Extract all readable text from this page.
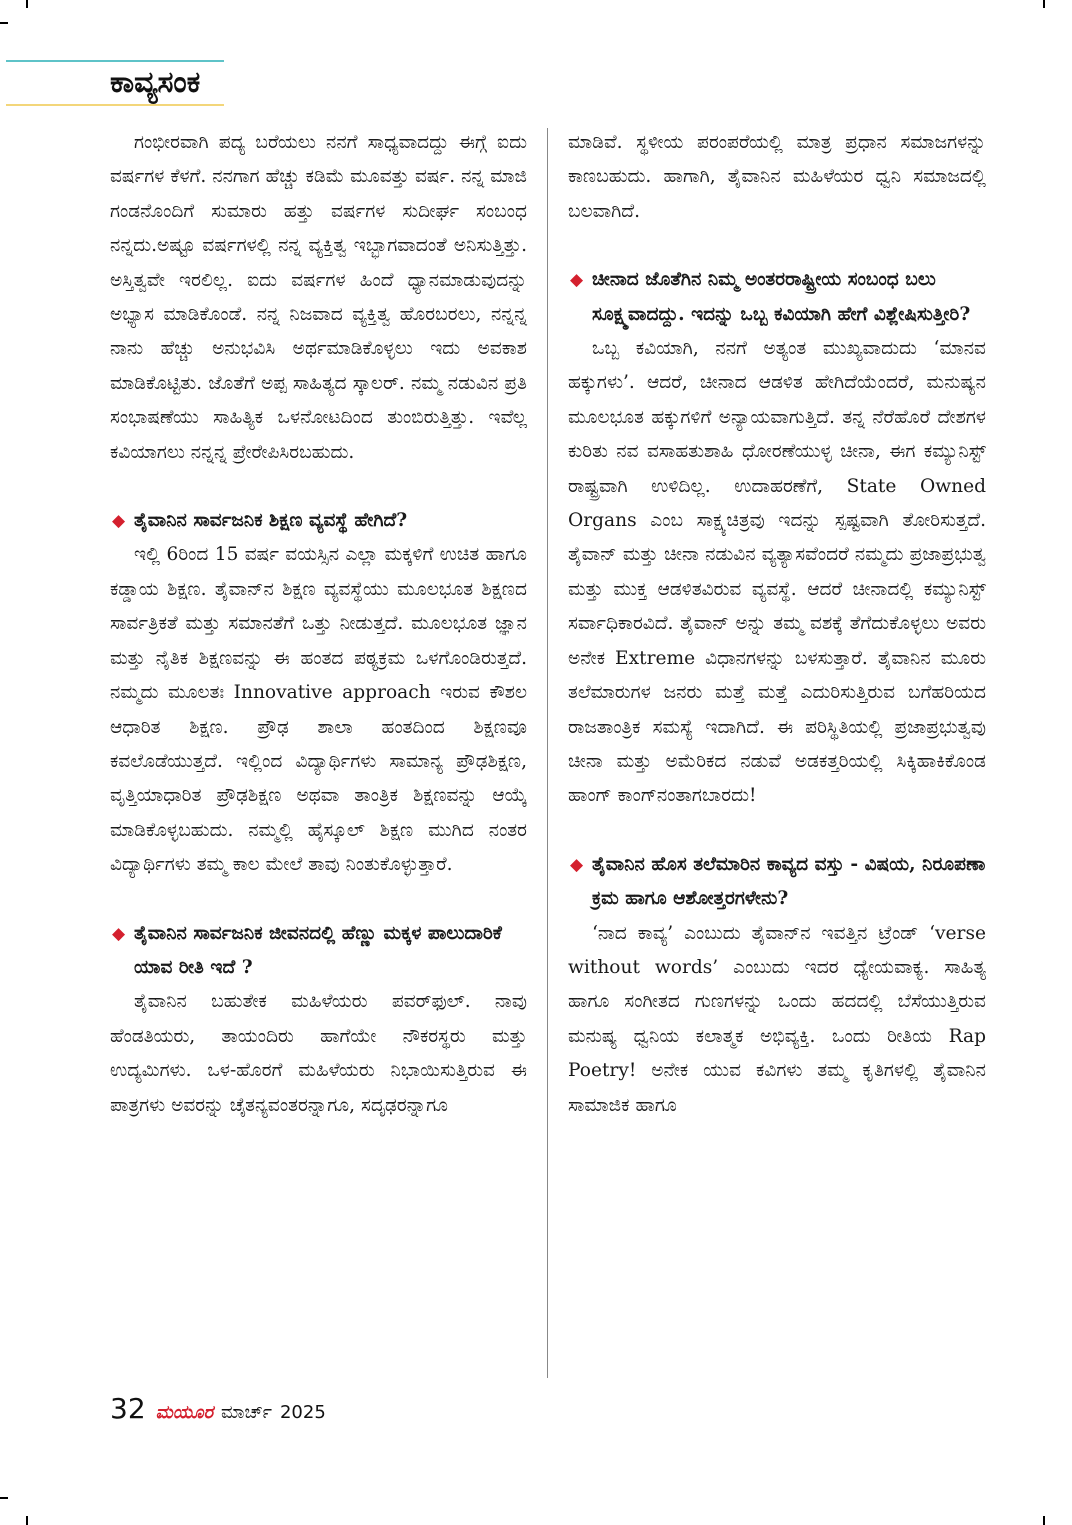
ಕಾವ್ಯಸಂಕ

ಗಂಭೀರವಾಗಿ ಪದ್ಯ ಬರೆಯಲು ನನಗೆ ಸಾಧ್ಯವಾದದ್ದು ಈಗ್ಗೆ ಐದು ವರ್ಷಗಳ ಕೆಳಗೆ. ನನಗಾಗ ಹೆಚ್ಚು ಕಡಿಮೆ ಮೂವತ್ತು ವರ್ಷ. ನನ್ನ ಮಾಜಿ ಗಂಡನೊಂದಿಗೆ ಸುಮಾರು ಹತ್ತು ವರ್ಷಗಳ ಸುದೀರ್ಘ ಸಂಬಂಧ ನನ್ನದು.ಅಷ್ಟೂ ವರ್ಷಗಳಲ್ಲಿ ನನ್ನ ವ್ಯಕ್ತಿತ್ವ ಇಬ್ಭಾಗವಾದಂತೆ ಅನಿಸುತ್ತಿತ್ತು. ಅಸ್ತಿತ್ವವೇ ಇರಲಿಲ್ಲ. ಐದು ವರ್ಷಗಳ ಹಿಂದೆ ಧ್ಯಾನಮಾಡುವುದನ್ನು ಅಭ್ಯಾಸ ಮಾಡಿಕೊಂಡೆ. ನನ್ನ ನಿಜವಾದ ವ್ಯಕ್ತಿತ್ವ ಹೊರಬರಲು, ನನ್ನನ್ನ ನಾನು ಹೆಚ್ಚು ಅನುಭವಿಸಿ ಅರ್ಥಮಾಡಿಕೊಳ್ಳಲು ಇದು ಅವಕಾಶ ಮಾಡಿಕೊಟ್ಟಿತು. ಜೊತೆಗೆ ಅಪ್ಪ ಸಾಹಿತ್ಯದ ಸ್ಕಾಲರ್. ನಮ್ಮ ನಡುವಿನ ಪ್ರತಿ ಸಂಭಾಷಣೆಯು ಸಾಹಿತ್ಯಿಕ ಒಳನೋಟದಿಂದ ತುಂಬಿರುತ್ತಿತ್ತು. ಇವೆಲ್ಲ ಕವಿಯಾಗಲು ನನ್ನನ್ನ ಪ್ರೇರೇಪಿಸಿರಬಹುದು.

◆ ತೈವಾನಿನ ಸಾರ್ವಜನಿಕ ಶಿಕ್ಷಣ ವ್ಯವಸ್ಥೆ ಹೇಗಿದೆ?

ಇಲ್ಲಿ 6ರಿಂದ 15 ವರ್ಷ ವಯಸ್ಸಿನ ಎಲ್ಲಾ ಮಕ್ಕಳಿಗೆ ಉಚಿತ ಹಾಗೂ ಕಡ್ಡಾಯ ಶಿಕ್ಷಣ. ತೈವಾನ್‌ನ ಶಿಕ್ಷಣ ವ್ಯವಸ್ಥೆಯು ಮೂಲಭೂತ ಶಿಕ್ಷಣದ ಸಾರ್ವತ್ರಿಕತೆ ಮತ್ತು ಸಮಾನತೆಗೆ ಒತ್ತು ನೀಡುತ್ತದೆ. ಮೂಲಭೂತ ಜ್ಞಾನ ಮತ್ತು ನೈತಿಕ ಶಿಕ್ಷಣವನ್ನು ಈ ಹಂತದ ಪಠ್ಯಕ್ರಮ ಒಳಗೊಂಡಿರುತ್ತದೆ. ನಮ್ಮದು ಮೂಲತಃ Innovative approach ಇರುವ ಕೌಶಲ ಆಧಾರಿತ ಶಿಕ್ಷಣ. ಪ್ರೌಢ ಶಾಲಾ ಹಂತದಿಂದ ಶಿಕ್ಷಣವೂ ಕವಲೊಡೆಯುತ್ತದೆ. ಇಲ್ಲಿಂದ ವಿದ್ಯಾರ್ಥಿಗಳು ಸಾಮಾನ್ಯ ಪ್ರೌಢಶಿಕ್ಷಣ, ವೃತ್ತಿಯಾಧಾರಿತ ಪ್ರೌಢಶಿಕ್ಷಣ ಅಥವಾ ತಾಂತ್ರಿಕ ಶಿಕ್ಷಣವನ್ನು ಆಯ್ಕೆ ಮಾಡಿಕೊಳ್ಳಬಹುದು. ನಮ್ಮಲ್ಲಿ ಹೈಸ್ಕೂಲ್ ಶಿಕ್ಷಣ ಮುಗಿದ ನಂತರ ವಿದ್ಯಾರ್ಥಿಗಳು ತಮ್ಮ ಕಾಲ ಮೇಲೆ ತಾವು ನಿಂತುಕೊಳ್ಳುತ್ತಾರೆ.

◆ ತೈವಾನಿನ ಸಾರ್ವಜನಿಕ ಜೀವನದಲ್ಲಿ ಹೆಣ್ಣು ಮಕ್ಕಳ ಪಾಲುದಾರಿಕೆ ಯಾವ ರೀತಿ ಇದೆ ?

ತೈವಾನಿನ ಬಹುತೇಕ ಮಹಿಳೆಯರು ಪವರ್‌ಫುಲ್. ನಾವು ಹೆಂಡತಿಯರು, ತಾಯಂದಿರು ಹಾಗೆಯೇ ನೌಕರಸ್ಥರು ಮತ್ತು ಉದ್ಯಮಿಗಳು. ಒಳ-ಹೊರಗೆ ಮಹಿಳೆಯರು ನಿಭಾಯಿಸುತ್ತಿರುವ ಈ ಪಾತ್ರಗಳು ಅವರನ್ನು ಚೈತನ್ಯವಂತರನ್ನಾಗೂ, ಸದೃಢರನ್ನಾಗೂ

ಮಾಡಿವೆ. ಸ್ಥಳೀಯ ಪರಂಪರೆಯಲ್ಲಿ ಮಾತ್ರ ಪ್ರಧಾನ ಸಮಾಜಗಳನ್ನು ಕಾಣಬಹುದು. ಹಾಗಾಗಿ, ತೈವಾನಿನ ಮಹಿಳೆಯರ ಧ್ವನಿ ಸಮಾಜದಲ್ಲಿ ಬಲವಾಗಿದೆ.

◆ ಚೀನಾದ ಜೊತೆಗಿನ ನಿಮ್ಮ ಅಂತರರಾಷ್ಟ್ರೀಯ ಸಂಬಂಧ ಬಲು ಸೂಕ್ಷ್ಮವಾದದ್ದು. ಇದನ್ನು ಒಬ್ಬ ಕವಿಯಾಗಿ ಹೇಗೆ ವಿಶ್ಲೇಷಿಸುತ್ತೀರಿ?

ಒಬ್ಬ ಕವಿಯಾಗಿ, ನನಗೆ ಅತ್ಯಂತ ಮುಖ್ಯವಾದುದು ‘ಮಾನವ ಹಕ್ಕುಗಳು’. ಆದರೆ, ಚೀನಾದ ಆಡಳಿತ ಹೇಗಿದೆಯೆಂದರೆ, ಮನುಷ್ಯನ ಮೂಲಭೂತ ಹಕ್ಕುಗಳಿಗೆ ಅನ್ಯಾಯವಾಗುತ್ತಿದೆ. ತನ್ನ ನೆರೆಹೊರೆ ದೇಶಗಳ ಕುರಿತು ನವ ವಸಾಹತುಶಾಹಿ ಧೋರಣೆಯುಳ್ಳ ಚೀನಾ, ಈಗ ಕಮ್ಯುನಿಸ್ಟ್ ರಾಷ್ಟ್ರವಾಗಿ ಉಳಿದಿಲ್ಲ. ಉದಾಹರಣೆಗೆ, State Owned Organs ಎಂಬ ಸಾಕ್ಷ್ಯಚಿತ್ರವು ಇದನ್ನು ಸ್ಪಷ್ಟವಾಗಿ ತೋರಿಸುತ್ತದೆ. ತೈವಾನ್ ಮತ್ತು ಚೀನಾ ನಡುವಿನ ವ್ಯತ್ಯಾಸವೆಂದರೆ ನಮ್ಮದು ಪ್ರಜಾಪ್ರಭುತ್ವ ಮತ್ತು ಮುಕ್ತ ಆಡಳಿತವಿರುವ ವ್ಯವಸ್ಥೆ. ಆದರೆ ಚೀನಾದಲ್ಲಿ ಕಮ್ಯುನಿಸ್ಟ್ ಸರ್ವಾಧಿಕಾರವಿದೆ. ತೈವಾನ್ ಅನ್ನು ತಮ್ಮ ವಶಕ್ಕೆ ತೆಗೆದುಕೊಳ್ಳಲು ಅವರು ಅನೇಕ Extreme ವಿಧಾನಗಳನ್ನು ಬಳಸುತ್ತಾರೆ. ತೈವಾನಿನ ಮೂರು ತಲೆಮಾರುಗಳ ಜನರು ಮತ್ತೆ ಮತ್ತೆ ಎದುರಿಸುತ್ತಿರುವ ಬಗೆಹರಿಯದ ರಾಜತಾಂತ್ರಿಕ ಸಮಸ್ಯೆ ಇದಾಗಿದೆ. ಈ ಪರಿಸ್ಥಿತಿಯಲ್ಲಿ ಪ್ರಜಾಪ್ರಭುತ್ವವು ಚೀನಾ ಮತ್ತು ಅಮೆರಿಕದ ನಡುವೆ ಅಡಕತ್ತರಿಯಲ್ಲಿ ಸಿಕ್ಕಿಹಾಕಿಕೊಂಡ ಹಾಂಗ್ ಕಾಂಗ್‌ನಂತಾಗಬಾರದು!

◆ ತೈವಾನಿನ ಹೊಸ ತಲೆಮಾರಿನ ಕಾವ್ಯದ ವಸ್ತು - ವಿಷಯ, ನಿರೂಪಣಾ ಕ್ರಮ ಹಾಗೂ ಆಶೋತ್ತರಗಳೇನು?

‘ನಾದ ಕಾವ್ಯ’ ಎಂಬುದು ತೈವಾನ್‌ನ ಇವತ್ತಿನ ಟ್ರೆಂಡ್ ‘verse without words’ ಎಂಬುದು ಇದರ ಧ್ಯೇಯವಾಕ್ಯ. ಸಾಹಿತ್ಯ ಹಾಗೂ ಸಂಗೀತದ ಗುಣಗಳನ್ನು ಒಂದು ಹದದಲ್ಲಿ ಬೆಸೆಯುತ್ತಿರುವ ಮನುಷ್ಯ ಧ್ವನಿಯ ಕಲಾತ್ಮಕ ಅಭಿವ್ಯಕ್ತಿ. ಒಂದು ರೀತಿಯ Rap Poetry! ಅನೇಕ ಯುವ ಕವಿಗಳು ತಮ್ಮ ಕೃತಿಗಳಲ್ಲಿ ತೈವಾನಿನ ಸಾಮಾಜಿಕ ಹಾಗೂ

32 ಮಯೂರ ಮಾರ್ಚ್ 2025
